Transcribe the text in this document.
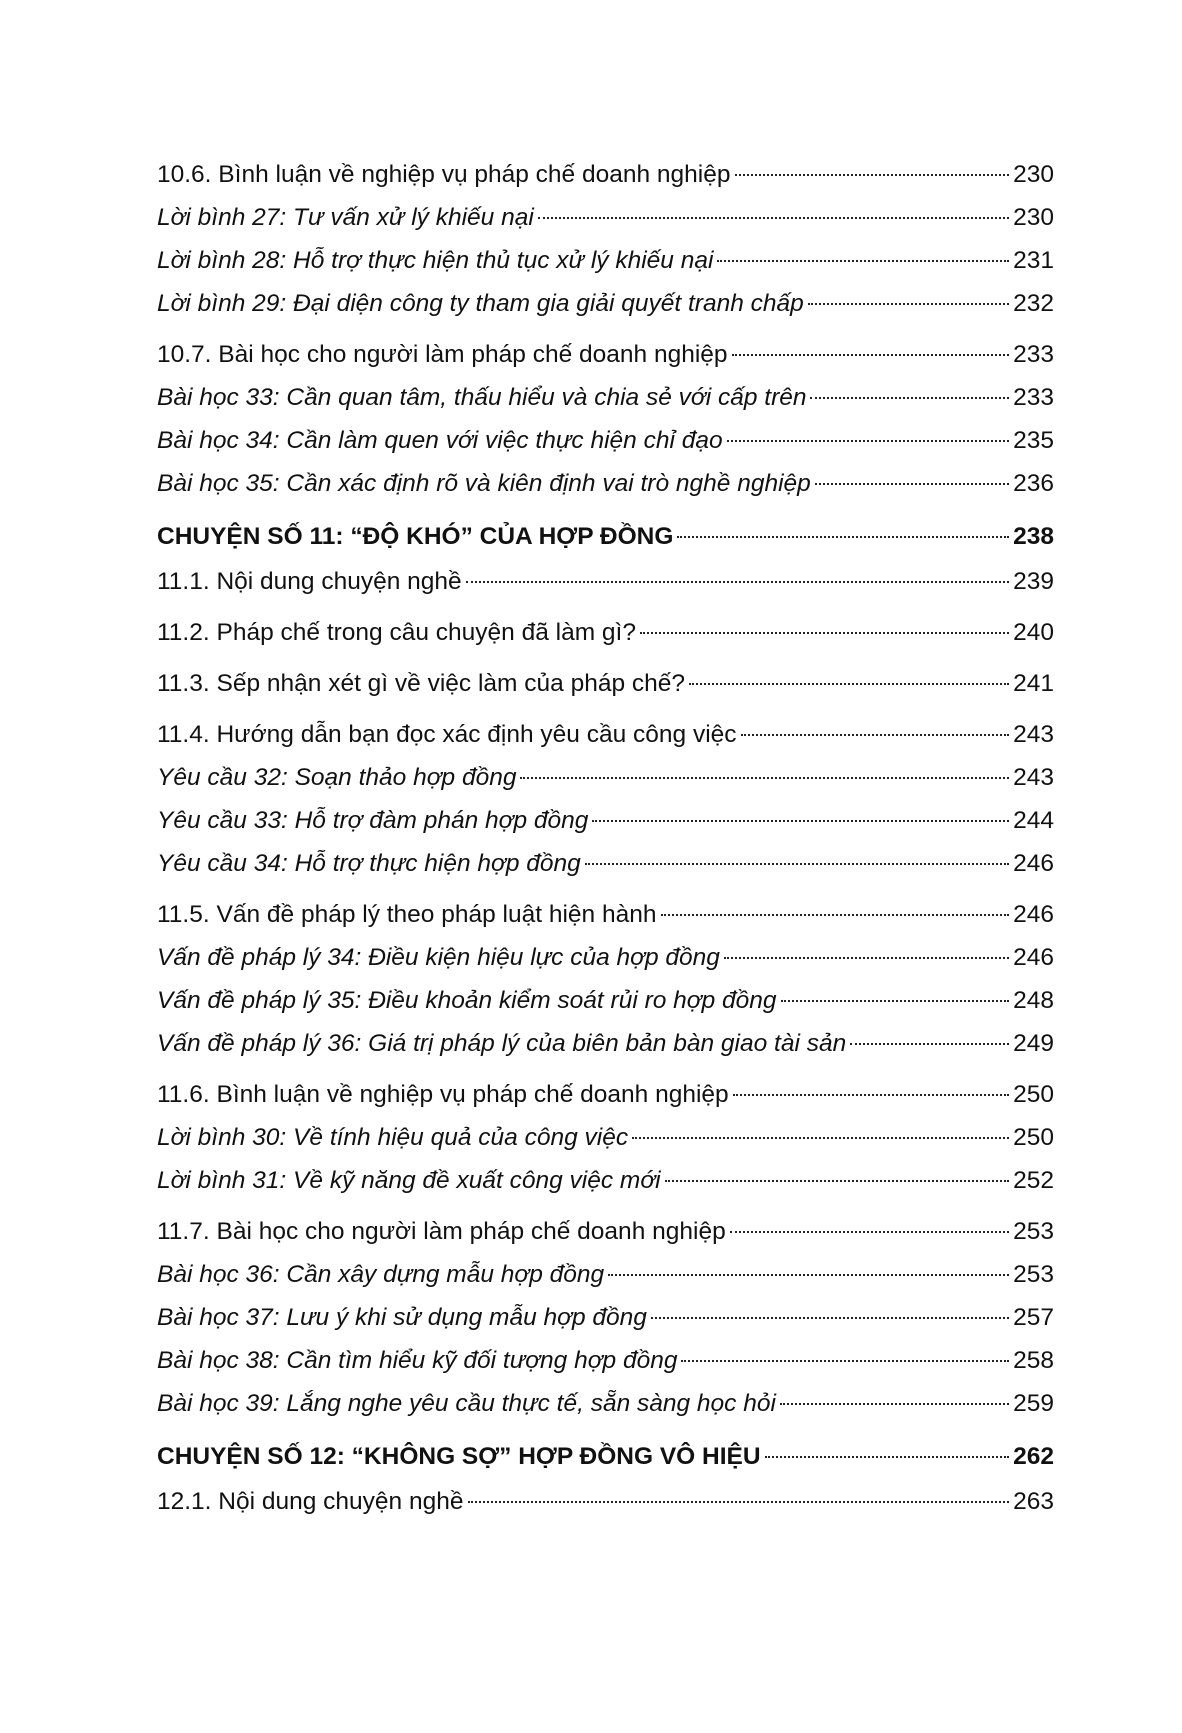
10.6. Bình luận về nghiệp vụ pháp chế doanh nghiệp	230
Lời bình 27: Tư vấn xử lý khiếu nại	230
Lời bình 28: Hỗ trợ thực hiện thủ tục xử lý khiếu nại	231
Lời bình 29: Đại diện công ty tham gia giải quyết tranh chấp	232
10.7. Bài học cho người làm pháp chế doanh nghiệp	233
Bài học 33: Cần quan tâm, thấu hiểu và chia sẻ với cấp trên	233
Bài học 34: Cần làm quen với việc thực hiện chỉ đạo	235
Bài học 35: Cần xác định rõ và kiên định vai trò nghề nghiệp	236
CHUYỆN SỐ 11: “ĐỘ KHÓ” CỦA HỢP ĐỒNG	238
11.1. Nội dung chuyện nghề	239
11.2. Pháp chế trong câu chuyện đã làm gì?	240
11.3. Sếp nhận xét gì về việc làm của pháp chế?	241
11.4. Hướng dẫn bạn đọc xác định yêu cầu công việc	243
Yêu cầu 32: Soạn thảo hợp đồng	243
Yêu cầu 33: Hỗ trợ đàm phán hợp đồng	244
Yêu cầu 34: Hỗ trợ thực hiện hợp đồng	246
11.5. Vấn đề pháp lý theo pháp luật hiện hành	246
Vấn đề pháp lý 34: Điều kiện hiệu lực của hợp đồng	246
Vấn đề pháp lý 35: Điều khoản kiểm soát rủi ro hợp đồng	248
Vấn đề pháp lý 36: Giá trị pháp lý của biên bản bàn giao tài sản	249
11.6. Bình luận về nghiệp vụ pháp chế doanh nghiệp	250
Lời bình 30: Về tính hiệu quả của công việc	250
Lời bình 31: Về kỹ năng đề xuất công việc mới	252
11.7. Bài học cho người làm pháp chế doanh nghiệp	253
Bài học 36: Cần xây dựng mẫu hợp đồng	253
Bài học 37: Lưu ý khi sử dụng mẫu hợp đồng	257
Bài học 38: Cần tìm hiểu kỹ đối tượng hợp đồng	258
Bài học 39: Lắng nghe yêu cầu thực tế, sẵn sàng học hỏi	259
CHUYỆN SỐ 12: “KHÔNG SỢ” HỢP ĐỒNG VÔ HIỆU	262
12.1. Nội dung chuyện nghề	263
